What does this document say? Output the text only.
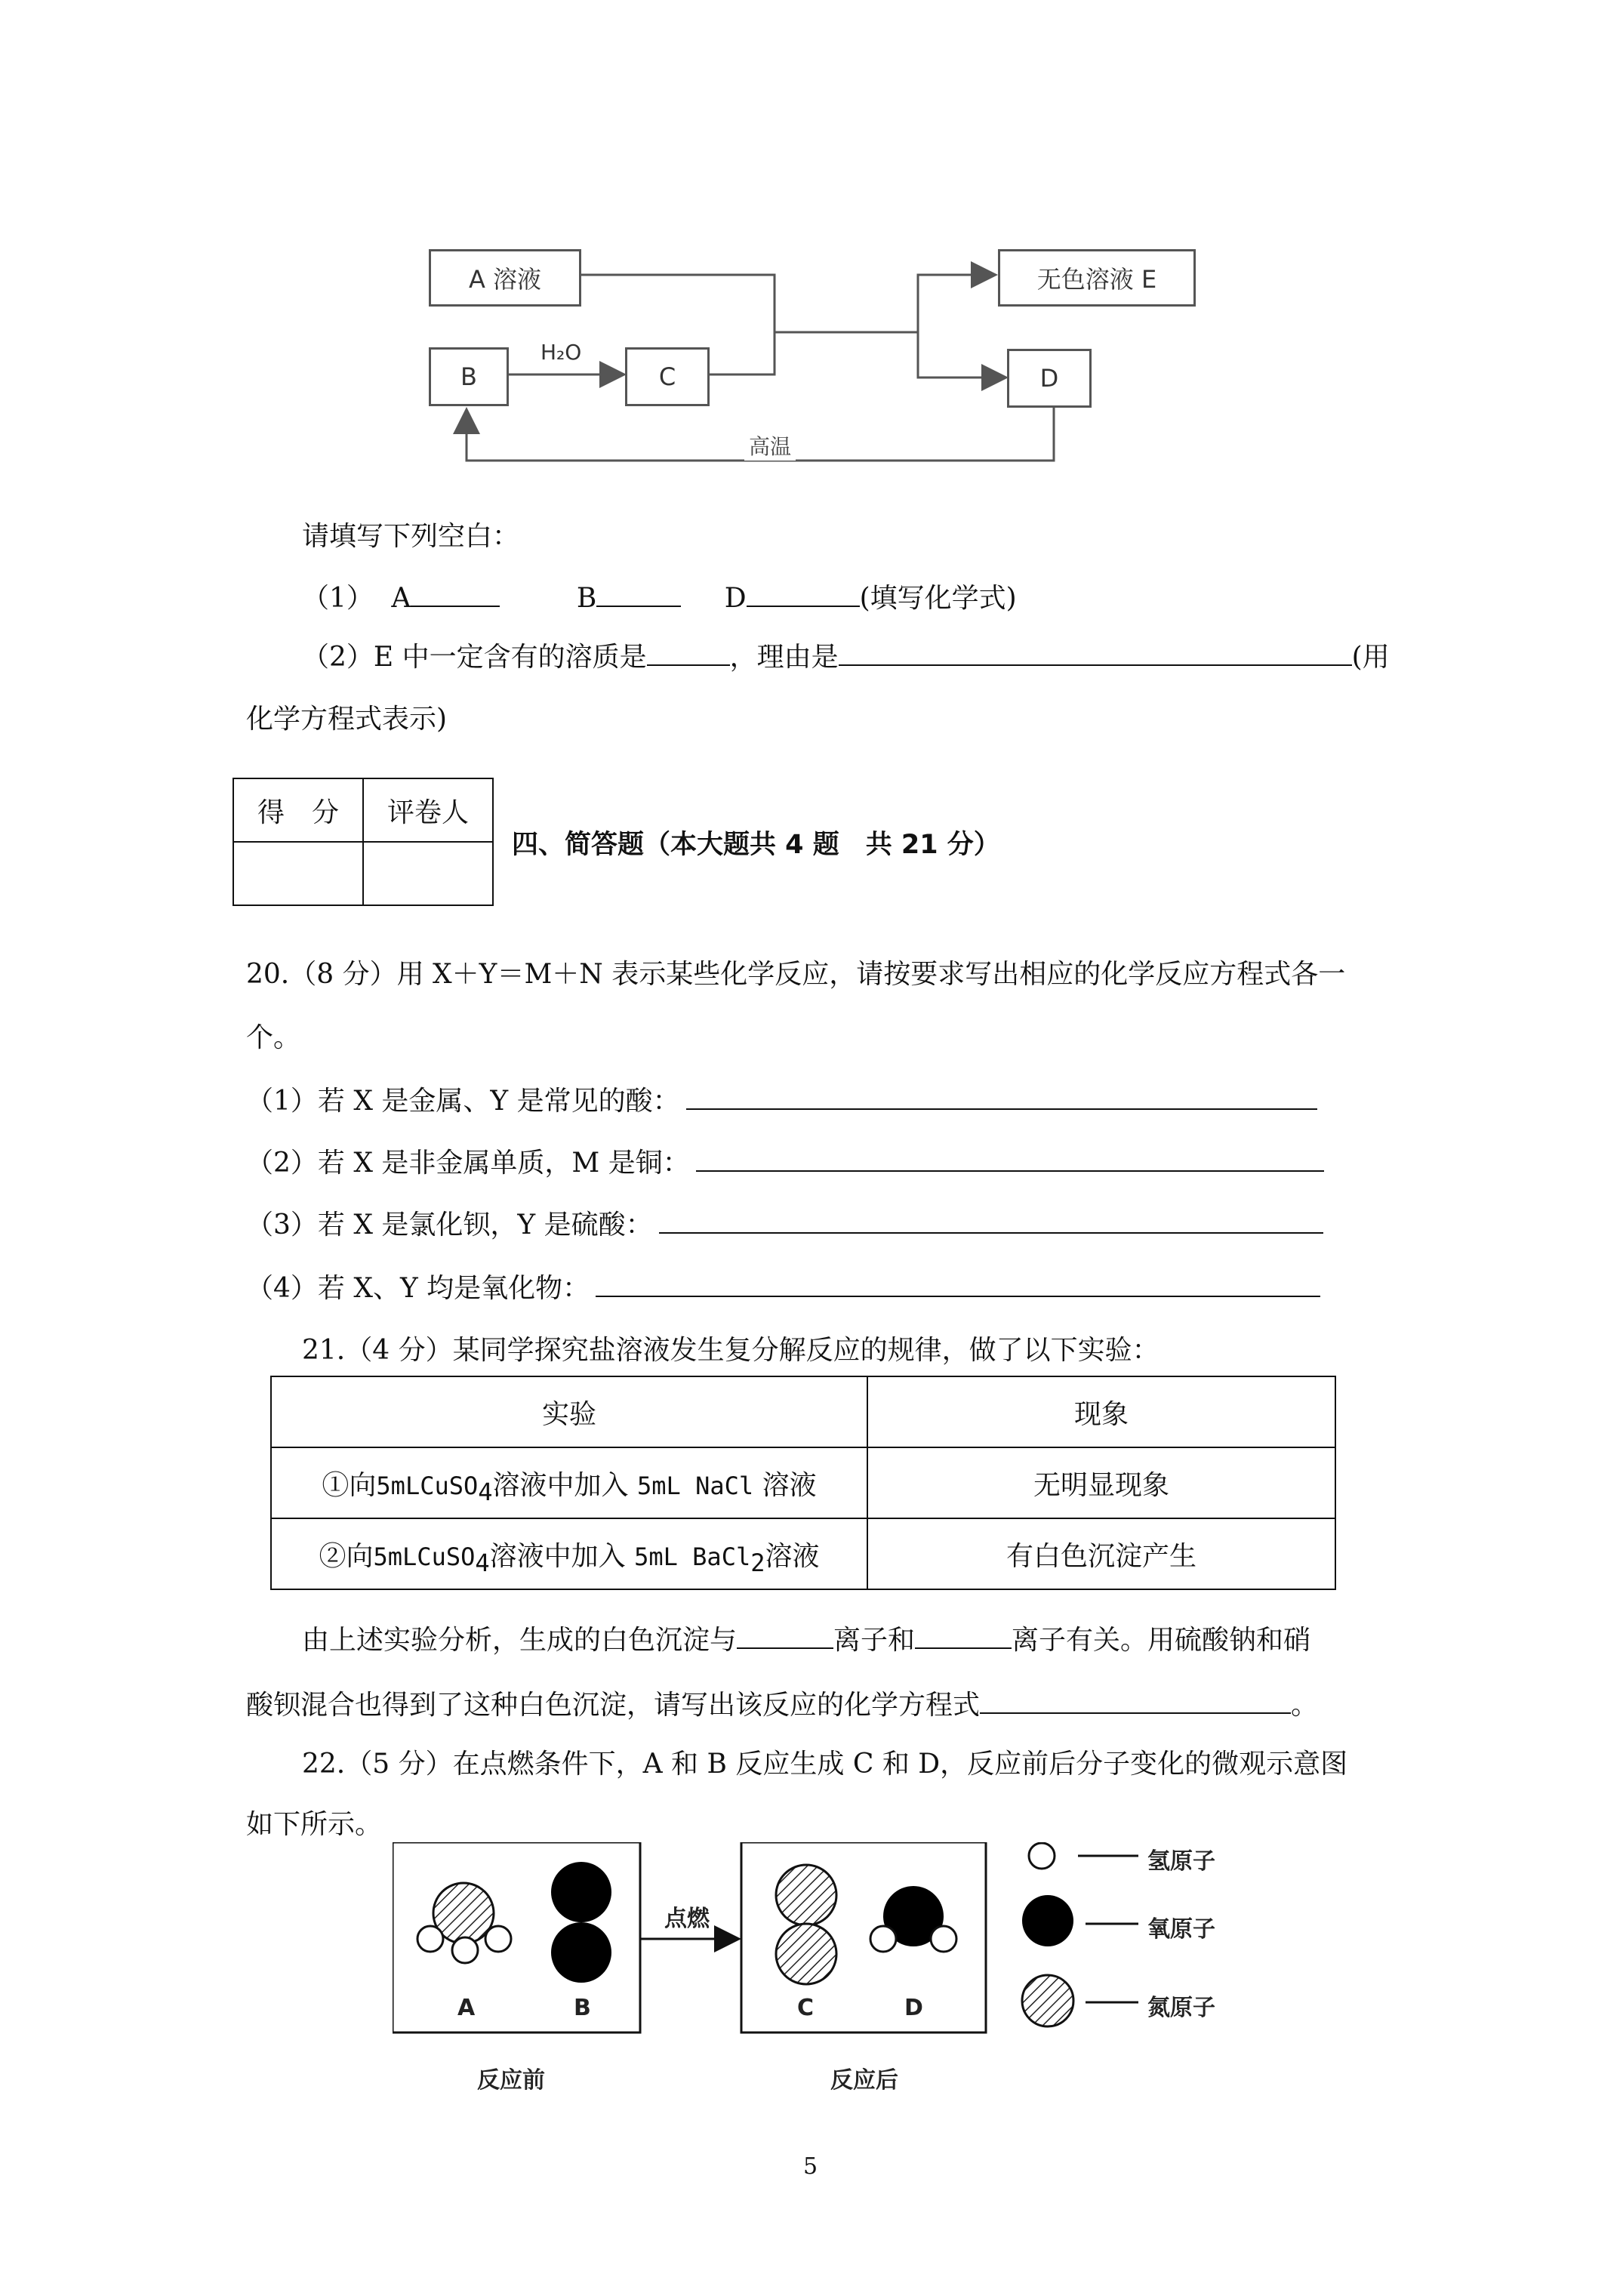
A 溶液
B	C
无色溶液 E
D
H₂O
高温
请填写下列空白：
（1） A	B	D	(填写化学式)
（2）E 中一定含有的溶质是	，理由是	(用
化学方程式表示)
得　分	评卷人

四、简答题（本大题共 4 题　共 21 分）
20.（8 分）用 X＋Y＝M＋N 表示某些化学反应，请按要求写出相应的化学反应方程式各一
个。
（1）若 X 是金属、Y 是常见的酸：
（2）若 X 是非金属单质，M 是铜：
（3）若 X 是氯化钡，Y 是硫酸：
（4）若 X、Y 均是氧化物：
21.（4 分）某同学探究盐溶液发生复分解反应的规律，做了以下实验：
实验	现象
①向5mLCuSO$_4$溶液中加入 5mL NaCl 溶液	无明显现象
②向5mLCuSO$_4$溶液中加入 5mL BaCl$_2$溶液	有白色沉淀产生
由上述实验分析，生成的白色沉淀与	离子和	离子有关。用硫酸钠和硝
酸钡混合也得到了这种白色沉淀，请写出该反应的化学方程式	。
22.（5 分）在点燃条件下，A 和 B 反应生成 C 和 D，反应前后分子变化的微观示意图
如下所示。
A	B	C	D
点燃
反应前	反应后
氢原子
氧原子
氮原子
5
